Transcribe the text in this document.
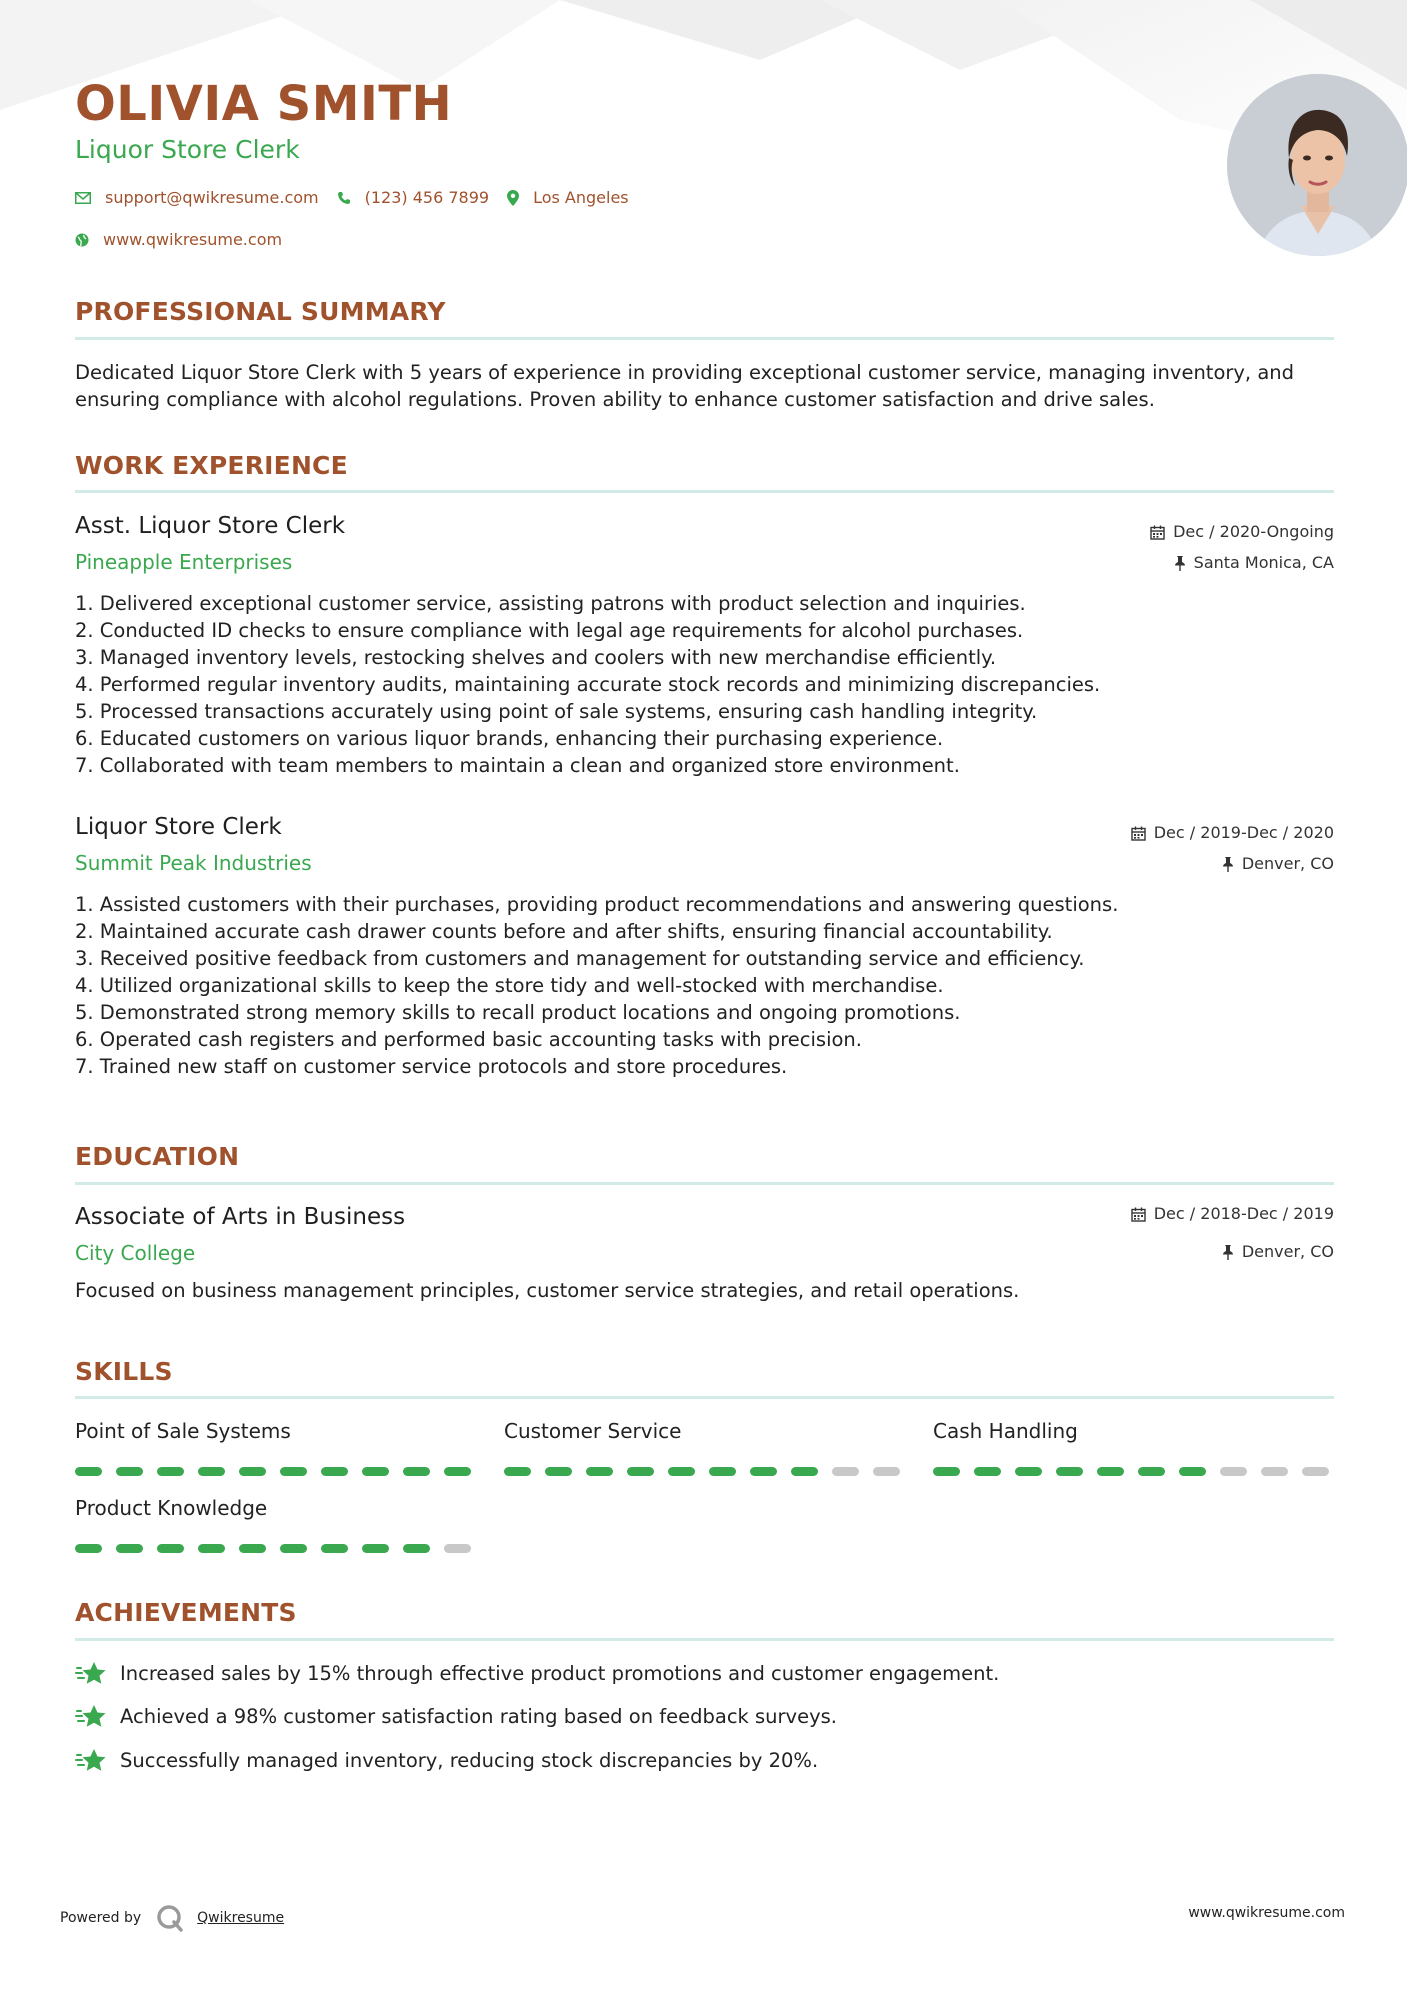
OLIVIA SMITH
Liquor Store Clerk
support@qwikresume.com	(123) 456 7899	Los Angeles
www.qwikresume.com
PROFESSIONAL SUMMARY
Dedicated Liquor Store Clerk with 5 years of experience in providing exceptional customer service, managing inventory, and ensuring compliance with alcohol regulations. Proven ability to enhance customer satisfaction and drive sales.
WORK EXPERIENCE
Asst. Liquor Store Clerk
Pineapple Enterprises
Dec / 2020-Ongoing
Santa Monica, CA
1. Delivered exceptional customer service, assisting patrons with product selection and inquiries.
2. Conducted ID checks to ensure compliance with legal age requirements for alcohol purchases.
3. Managed inventory levels, restocking shelves and coolers with new merchandise efficiently.
4. Performed regular inventory audits, maintaining accurate stock records and minimizing discrepancies.
5. Processed transactions accurately using point of sale systems, ensuring cash handling integrity.
6. Educated customers on various liquor brands, enhancing their purchasing experience.
7. Collaborated with team members to maintain a clean and organized store environment.
Liquor Store Clerk
Summit Peak Industries
Dec / 2019-Dec / 2020
Denver, CO
1. Assisted customers with their purchases, providing product recommendations and answering questions.
2. Maintained accurate cash drawer counts before and after shifts, ensuring financial accountability.
3. Received positive feedback from customers and management for outstanding service and efficiency.
4. Utilized organizational skills to keep the store tidy and well-stocked with merchandise.
5. Demonstrated strong memory skills to recall product locations and ongoing promotions.
6. Operated cash registers and performed basic accounting tasks with precision.
7. Trained new staff on customer service protocols and store procedures.
EDUCATION
Associate of Arts in Business
City College
Dec / 2018-Dec / 2019
Denver, CO
Focused on business management principles, customer service strategies, and retail operations.
SKILLS
Point of Sale Systems	Customer Service	Cash Handling
Product Knowledge
ACHIEVEMENTS
Increased sales by 15% through effective product promotions and customer engagement.
Achieved a 98% customer satisfaction rating based on feedback surveys.
Successfully managed inventory, reducing stock discrepancies by 20%.
Powered by	Qwikresume	www.qwikresume.com
